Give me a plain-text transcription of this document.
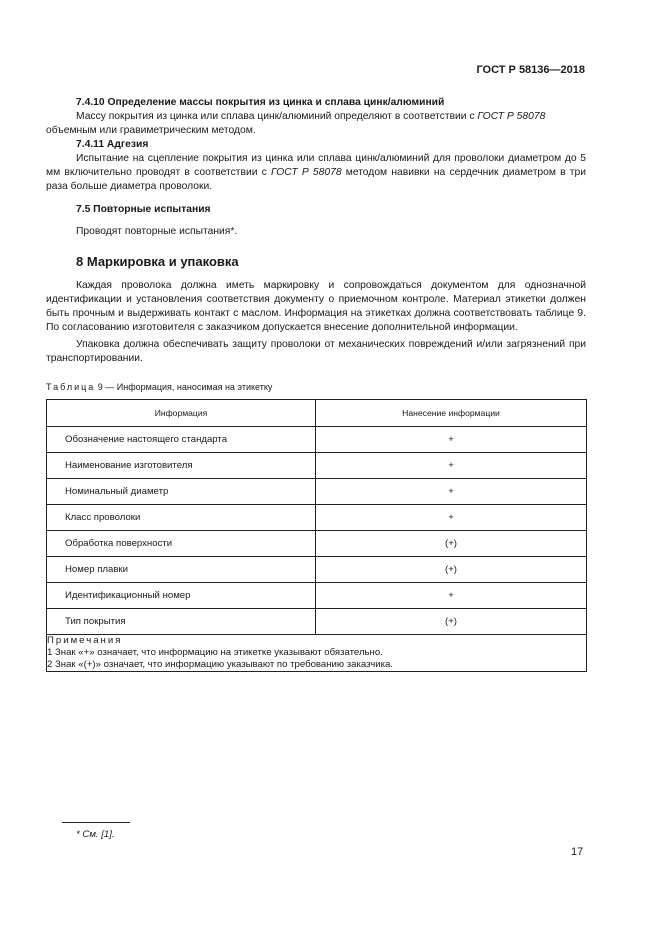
ГОСТ Р 58136—2018

7.4.10 Определение массы покрытия из цинка и сплава цинк/алюминий

Массу покрытия из цинка или сплава цинк/алюминий определяют в соответствии с ГОСТ Р 58078
объемным или гравиметрическим методом.

7.4.11 Адгезия

Испытание на сцепление покрытия из цинка или сплава цинк/алюминий для проволоки диаметром до 5 мм включительно проводят в соответствии с ГОСТ Р 58078 методом навивки на сердечник диаметром в три раза больше диаметра проволоки.

7.5 Повторные испытания

Проводят повторные испытания*.

8 Маркировка и упаковка

Каждая проволока должна иметь маркировку и сопровождаться документом для однозначной идентификации и установления соответствия документу о приемочном контроле. Материал этикетки должен быть прочным и выдерживать контакт с маслом. Информация на этикетках должна соответствовать таблице 9. По согласованию изготовителя с заказчиком допускается внесение дополнительной информации.

Упаковка должна обеспечивать защиту проволоки от механических повреждений и/или загрязнений при транспортировании.

Таблица 9 — Информация, наносимая на этикетку

Информация	Нанесение информации
Обозначение настоящего стандарта	+
Наименование изготовителя	+
Номинальный диаметр	+
Класс проволоки	+
Обработка поверхности	(+)
Номер плавки	(+)
Идентификационный номер	+
Тип покрытия	(+)

Примечания
1 Знак «+» означает, что информацию на этикетке указывают обязательно.
2 Знак «(+)» означает, что информацию указывают по требованию заказчика.	
* См. [1].
17
